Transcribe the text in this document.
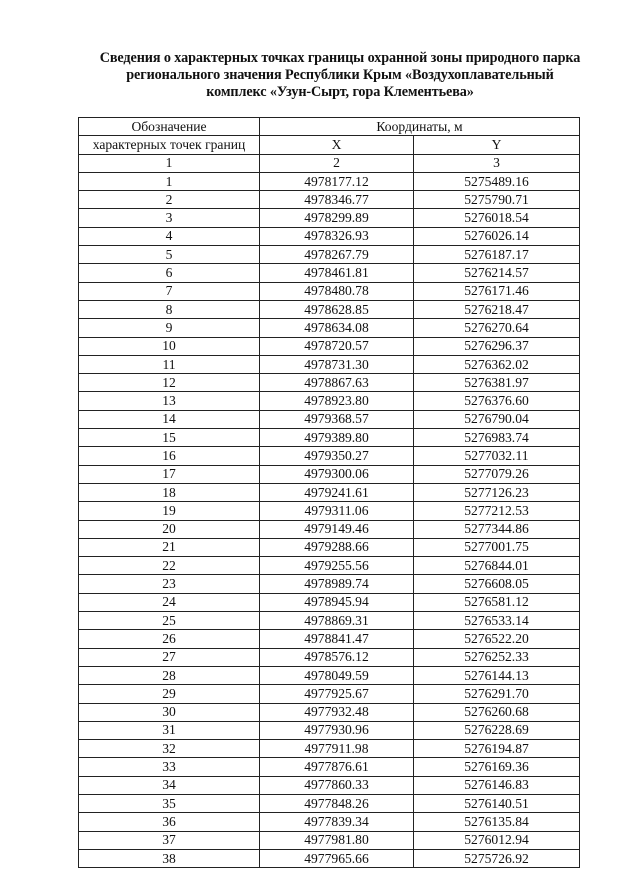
Сведения о характерных точках границы охранной зоны природного парка
регионального значения Республики Крым «Воздухоплавательный
комплекс «Узун-Сырт, гора Клементьева»
Обозначение	Координаты, м	
характерных точек границ	X	Y
1	2	3
1	4978177.12	5275489.16
2	4978346.77	5275790.71
3	4978299.89	5276018.54
4	4978326.93	5276026.14
5	4978267.79	5276187.17
6	4978461.81	5276214.57
7	4978480.78	5276171.46
8	4978628.85	5276218.47
9	4978634.08	5276270.64
10	4978720.57	5276296.37
11	4978731.30	5276362.02
12	4978867.63	5276381.97
13	4978923.80	5276376.60
14	4979368.57	5276790.04
15	4979389.80	5276983.74
16	4979350.27	5277032.11
17	4979300.06	5277079.26
18	4979241.61	5277126.23
19	4979311.06	5277212.53
20	4979149.46	5277344.86
21	4979288.66	5277001.75
22	4979255.56	5276844.01
23	4978989.74	5276608.05
24	4978945.94	5276581.12
25	4978869.31	5276533.14
26	4978841.47	5276522.20
27	4978576.12	5276252.33
28	4978049.59	5276144.13
29	4977925.67	5276291.70
30	4977932.48	5276260.68
31	4977930.96	5276228.69
32	4977911.98	5276194.87
33	4977876.61	5276169.36
34	4977860.33	5276146.83
35	4977848.26	5276140.51
36	4977839.34	5276135.84
37	4977981.80	5276012.94
38	4977965.66	5275726.92
